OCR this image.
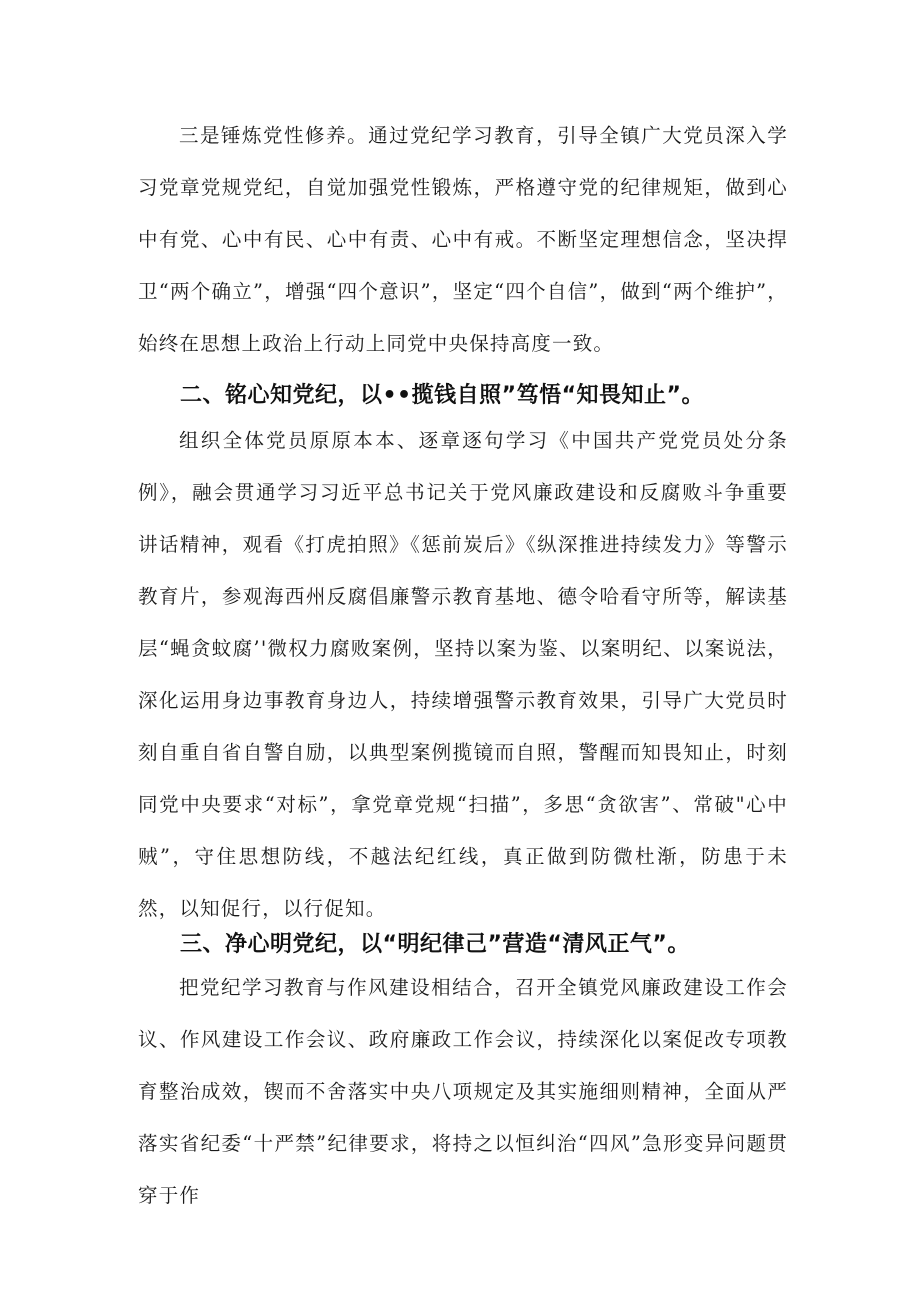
三是锤炼党性修养。通过党纪学习教育，引导全镇广大党员深入学习党章党规党纪，自觉加强党性锻炼，严格遵守党的纪律规矩，做到心中有党、心中有民、心中有责、心中有戒。不断坚定理想信念，坚决捍卫“两个确立”，增强“四个意识”，坚定“四个自信”，做到“两个维护”，始终在思想上政治上行动上同党中央保持高度一致。

二、铭心知党纪，以••揽钱自照”笃悟“知畏知止”。

组织全体党员原原本本、逐章逐句学习《中国共产党党员处分条例》，融会贯通学习习近平总书记关于党风廉政建设和反腐败斗争重要讲话精神，观看《打虎拍照》《惩前炭后》《纵深推进持续发力》等警示教育片，参观海西州反腐倡廉警示教育基地、德令哈看守所等，解读基层“蝇贪蚊腐’'微权力腐败案例，坚持以案为鉴、以案明纪、以案说法，深化运用身边事教育身边人，持续增强警示教育效果，引导广大党员时刻自重自省自警自励，以典型案例揽镜而自照，警醒而知畏知止，时刻同党中央要求“对标”，拿党章党规“扫描”，多思“贪欲害”、常破"心中贼”，守住思想防线，不越法纪红线，真正做到防微杜渐，防患于未然，以知促行，以行促知。

三、净心明党纪，以“明纪律己”营造“清风正气”。

把党纪学习教育与作风建设相结合，召开全镇党风廉政建设工作会议、作风建设工作会议、政府廉政工作会议，持续深化以案促改专项教育整治成效，锲而不舍落实中央八项规定及其实施细则精神，全面从严落实省纪委“十严禁”纪律要求，将持之以恒纠治“四风”急形变异问题贯穿于作
